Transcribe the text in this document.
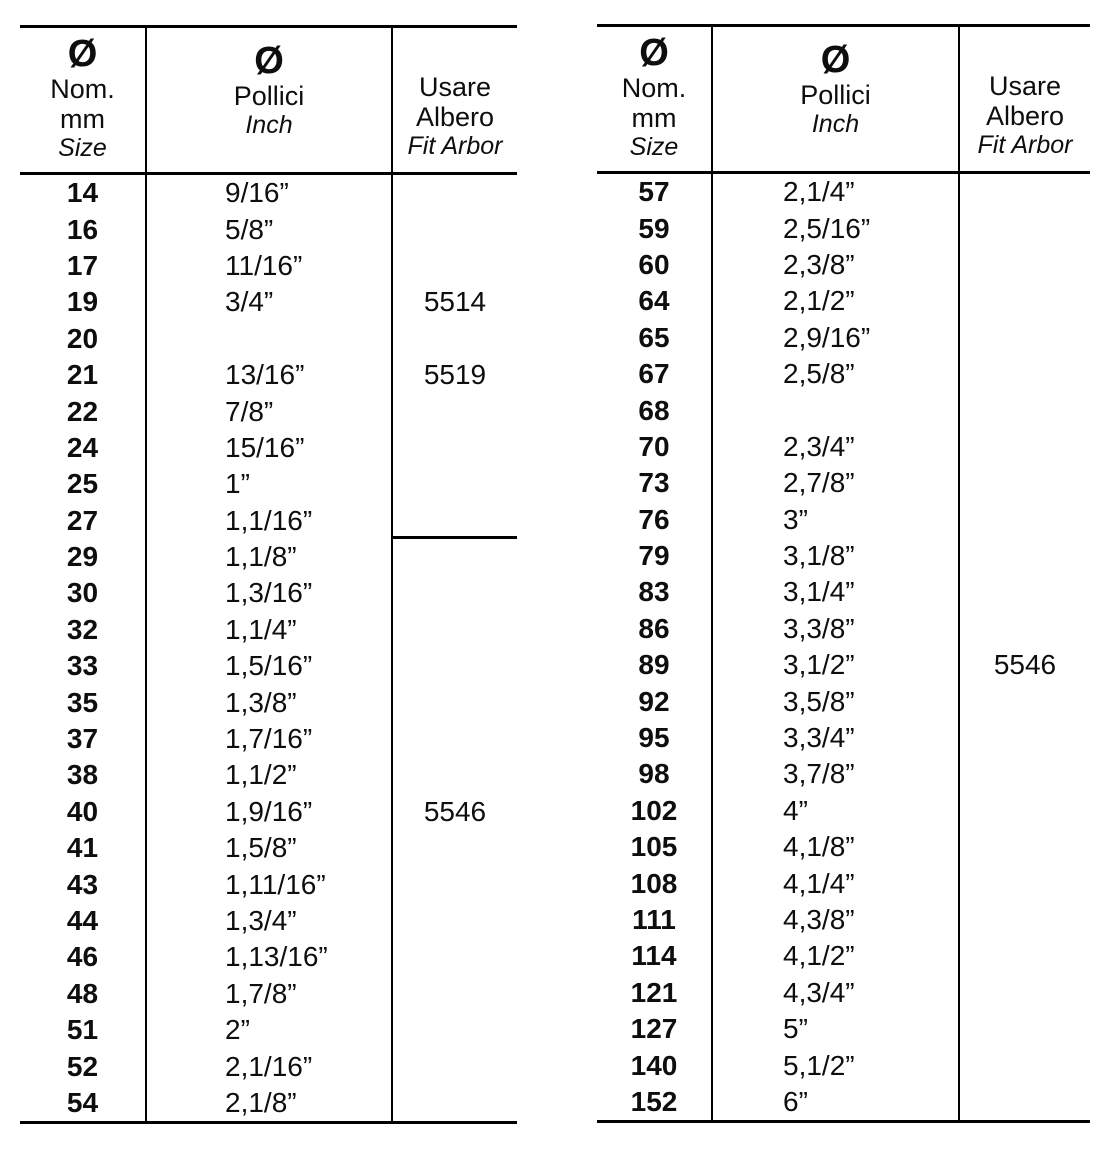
Ø
Nom.
mm
Size
Ø
Pollici
Inch
Usare
Albero
Fit Arbor
14	9/16”
16	5/8”
17	11/16”
19	3/4”	5514
20
21	13/16”	5519
22	7/8”
24	15/16”
25	1”
27	1,1/16”
29	1,1/8”
30	1,3/16”
32	1,1/4”
33	1,5/16”
35	1,3/8”
37	1,7/16”
38	1,1/2”
40	1,9/16”	5546
41	1,5/8”
43	1,11/16”
44	1,3/4”
46	1,13/16”
48	1,7/8”
51	2”
52	2,1/16”
54	2,1/8”
Ø
Nom.
mm
Size
Ø
Pollici
Inch
Usare
Albero
Fit Arbor
57	2,1/4”
59	2,5/16”
60	2,3/8”
64	2,1/2”
65	2,9/16”
67	2,5/8”
68
70	2,3/4”
73	2,7/8”
76	3”
79	3,1/8”
83	3,1/4”
86	3,3/8”
89	3,1/2”	5546
92	3,5/8”
95	3,3/4”
98	3,7/8”
102	4”
105	4,1/8”
108	4,1/4”
111	4,3/8”
114	4,1/2”
121	4,3/4”
127	5”
140	5,1/2”
152	6”
